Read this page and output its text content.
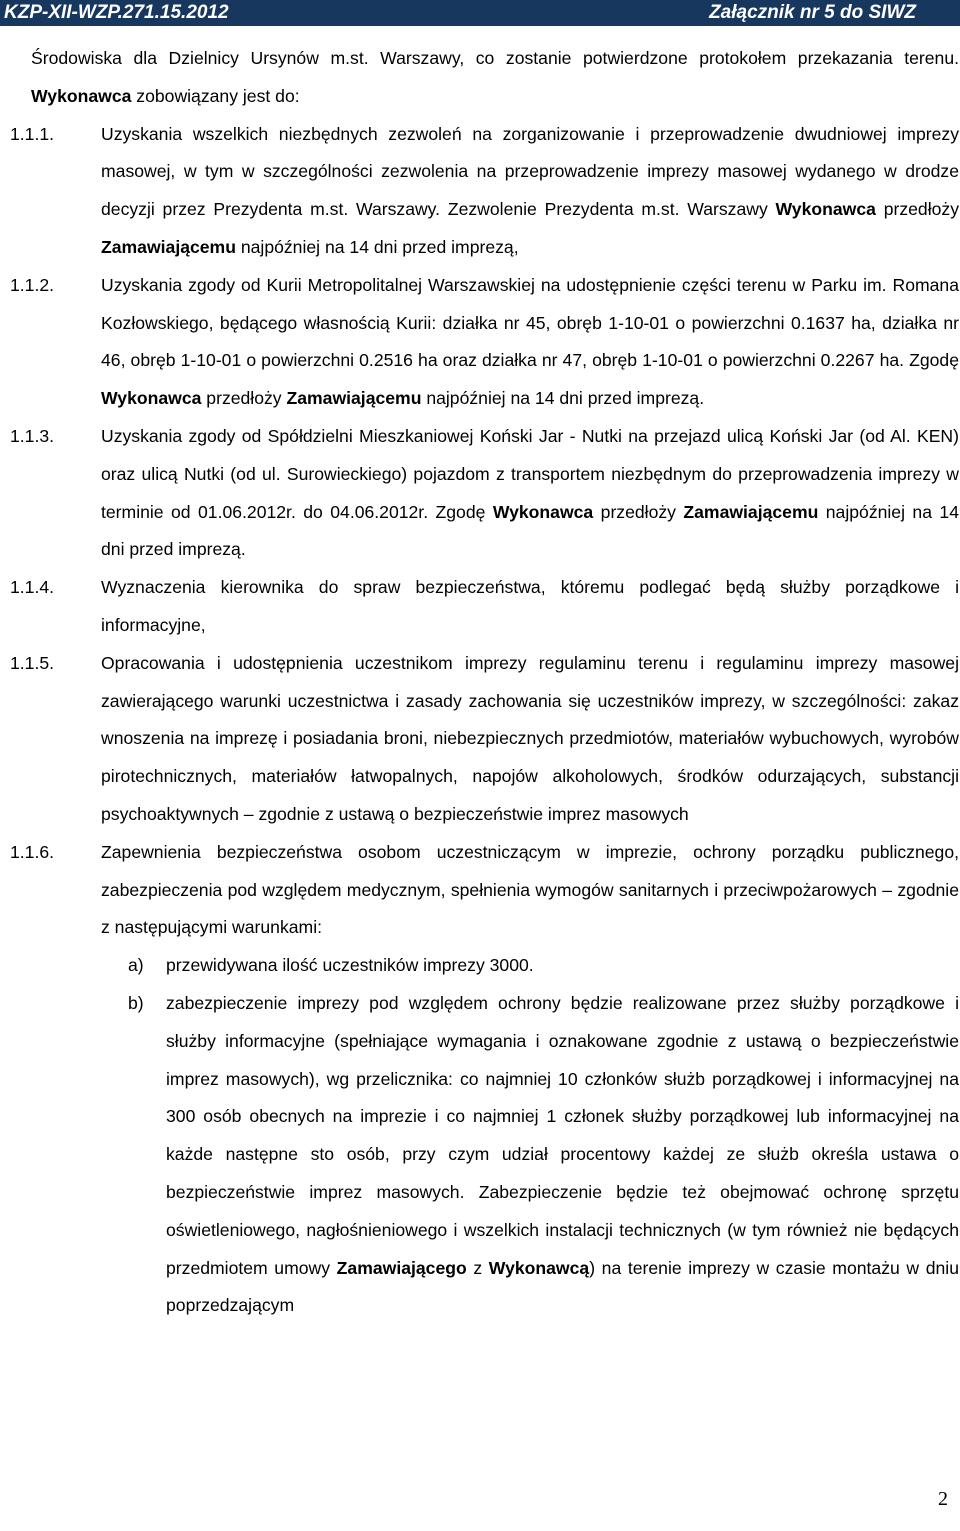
KZP-XII-WZP.271.15.2012	Załącznik nr 5 do SIWZ

Środowiska dla Dzielnicy Ursynów m.st. Warszawy, co zostanie potwierdzone protokołem przekazania terenu. Wykonawca zobowiązany jest do:

1.1.1.	Uzyskania wszelkich niezbędnych zezwoleń na zorganizowanie i przeprowadzenie dwudniowej imprezy masowej, w tym w szczególności zezwolenia na przeprowadzenie imprezy masowej wydanego w drodze decyzji przez Prezydenta m.st. Warszawy. Zezwolenie Prezydenta m.st. Warszawy Wykonawca przedłoży Zamawiającemu najpóźniej na 14 dni przed imprezą,
1.1.2.	Uzyskania zgody od Kurii Metropolitalnej Warszawskiej na udostępnienie części terenu w Parku im. Romana Kozłowskiego, będącego własnością Kurii: działka nr 45, obręb 1-10-01 o powierzchni 0.1637 ha, działka nr 46, obręb 1-10-01 o powierzchni 0.2516 ha oraz działka nr 47, obręb 1-10-01 o powierzchni 0.2267 ha. Zgodę Wykonawca przedłoży Zamawiającemu najpóźniej na 14 dni przed imprezą.
1.1.3.	Uzyskania zgody od Spółdzielni Mieszkaniowej Koński Jar - Nutki na przejazd ulicą Koński Jar (od Al. KEN) oraz ulicą Nutki (od ul. Surowieckiego) pojazdom z transportem niezbędnym do przeprowadzenia imprezy w terminie od 01.06.2012r. do 04.06.2012r. Zgodę Wykonawca przedłoży Zamawiającemu najpóźniej na 14 dni przed imprezą.
1.1.4.	Wyznaczenia kierownika do spraw bezpieczeństwa, któremu podlegać będą służby porządkowe i informacyjne,
1.1.5.	Opracowania i udostępnienia uczestnikom imprezy regulaminu terenu i regulaminu imprezy masowej zawierającego warunki uczestnictwa i zasady zachowania się uczestników imprezy, w szczególności: zakaz wnoszenia na imprezę i posiadania broni, niebezpiecznych przedmiotów, materiałów wybuchowych, wyrobów pirotechnicznych, materiałów łatwopalnych, napojów alkoholowych, środków odurzających, substancji psychoaktywnych – zgodnie z ustawą o bezpieczeństwie imprez masowych
1.1.6.	Zapewnienia bezpieczeństwa osobom uczestniczącym w imprezie, ochrony porządku publicznego, zabezpieczenia pod względem medycznym, spełnienia wymogów sanitarnych i przeciwpożarowych – zgodnie z następującymi warunkami:
a) przewidywana ilość uczestników imprezy 3000.
b) zabezpieczenie imprezy pod względem ochrony będzie realizowane przez służby porządkowe i służby informacyjne (spełniające wymagania i oznakowane zgodnie z ustawą o bezpieczeństwie imprez masowych), wg przelicznika: co najmniej 10 członków służb porządkowej i informacyjnej na 300 osób obecnych na imprezie i co najmniej 1 członek służby porządkowej lub informacyjnej na każde następne sto osób, przy czym udział procentowy każdej ze służb określa ustawa o bezpieczeństwie imprez masowych. Zabezpieczenie będzie też obejmować ochronę sprzętu oświetleniowego, nagłośnieniowego i wszelkich instalacji technicznych (w tym również nie będących przedmiotem umowy Zamawiającego z Wykonawcą) na terenie imprezy w czasie montażu w dniu poprzedzającym
2
